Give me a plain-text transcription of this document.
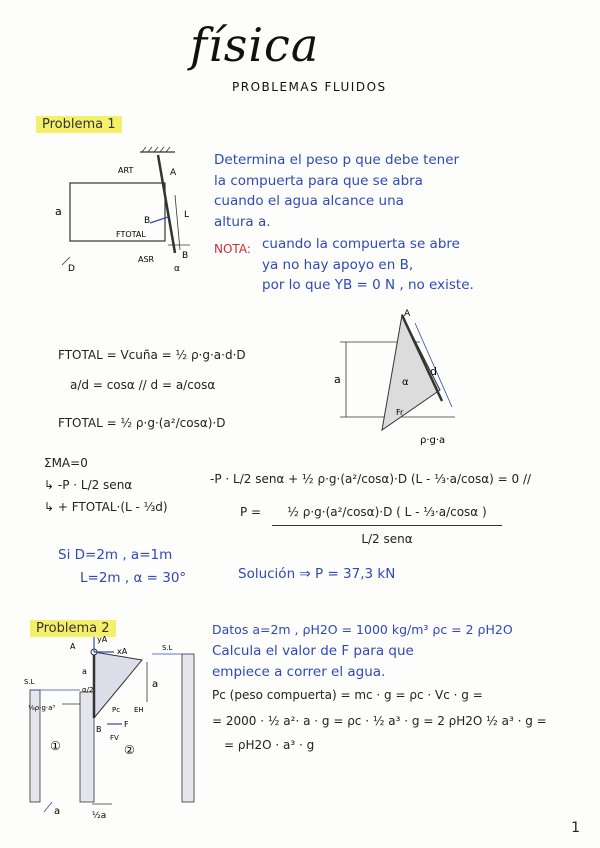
física
PROBLEMAS FLUIDOS
Problema 1
ART	A
a	L
B
FTOTAL
ASR	B
D	α
Determina el peso p que debe tener
la compuerta para que se abra
cuando el agua alcance una
altura a.
NOTA: cuando la compuerta se abre
ya no hay apoyo en B,
por lo que YB = 0 N , no existe.
FTOTAL = Vcuña = ½ ρ·g·a·d·D
a/d = cosα // d = a/cosα
FTOTAL = ½ ρ·g·(a²/cosα)·D
A
a
d
α
Fr
ρ·g·a
ΣMA=0
↳ -P · L/2 senα
↳ + FTOTAL·(L - ⅓d)
-P · L/2 senα + ½ ρ·g·(a²/cosα)·D (L - ⅓·a/cosα) = 0 //
P =	½ ρ·g·(a²/cosα)·D ( L - ⅓·a/cosα )
L/2 senα
Si D=2m , a=1m
L=2m , α = 30°	Solución ⇒ P = 37,3 kN
Problema 2	Datos a=2m , ρH2O = 1000 kg/m³ ρc = 2 ρH2O
Calcula el valor de F para que
empiece a correr el agua.
Pc (peso compuerta) = mc · g = ρc · Vc · g =
= 2000 · ½ a²· a · g = ρc · ½ a³ · g = 2 ρH2O ½ a³ · g =
= ρH2O · a³ · g
yA
xA
A
a
α/2	a
S.L
S.L
⅛ρ·g·a³	Pc EH
B
F
FV
①	②
a	½a
1
